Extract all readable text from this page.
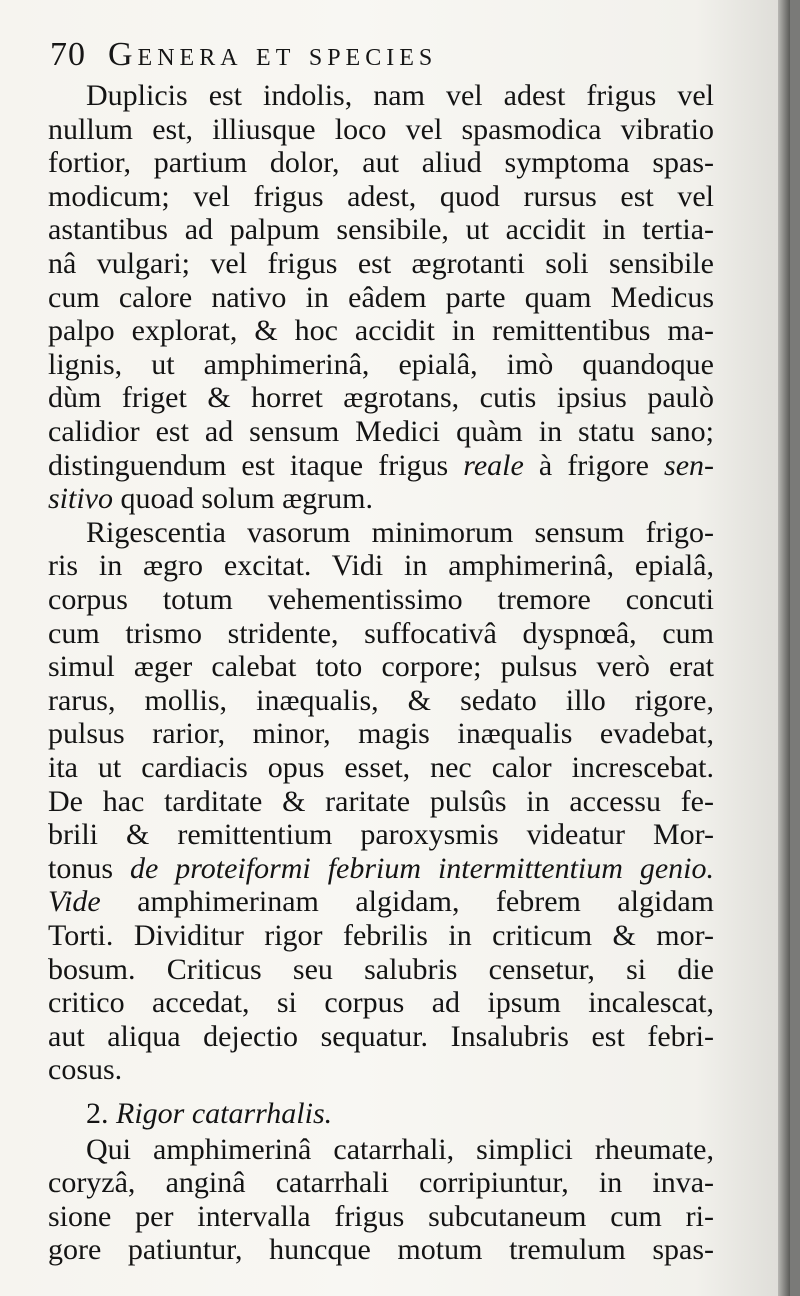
70 Genera et species
Duplicis est indolis, nam vel adest frigus vel
nullum est, illiusque loco vel spasmodica vibratio
fortior, partium dolor, aut aliud symptoma spas-
modicum; vel frigus adest, quod rursus est vel
astantibus ad palpum sensibile, ut accidit in tertia-
nâ vulgari; vel frigus est ægrotanti soli sensibile
cum calore nativo in eâdem parte quam Medicus
palpo explorat, & hoc accidit in remittentibus ma-
lignis, ut amphimerinâ, epialâ, imò quandoque
dùm friget & horret ægrotans, cutis ipsius paulò
calidior est ad sensum Medici quàm in statu sano;
distinguendum est itaque frigus reale à frigore sen-
sitivo quoad solum ægrum.
Rigescentia vasorum minimorum sensum frigo-
ris in ægro excitat. Vidi in amphimerinâ, epialâ,
corpus totum vehementissimo tremore concuti
cum trismo stridente, suffocativâ dyspnœâ, cum
simul æger calebat toto corpore; pulsus verò erat
rarus, mollis, inæqualis, & sedato illo rigore,
pulsus rarior, minor, magis inæqualis evadebat,
ita ut cardiacis opus esset, nec calor increscebat.
De hac tarditate & raritate pulsûs in accessu fe-
brili & remittentium paroxysmis videatur Mor-
tonus de proteiformi febrium intermittentium genio.
Vide amphimerinam algidam, febrem algidam
Torti. Dividitur rigor febrilis in criticum & mor-
bosum. Criticus seu salubris censetur, si die
critico accedat, si corpus ad ipsum incalescat,
aut aliqua dejectio sequatur. Insalubris est febri-
cosus.
2. Rigor catarrhalis.
Qui amphimerinâ catarrhali, simplici rheumate,
coryzâ, anginâ catarrhali corripiuntur, in inva-
sione per intervalla frigus subcutaneum cum ri-
gore patiuntur, huncque motum tremulum spas-
